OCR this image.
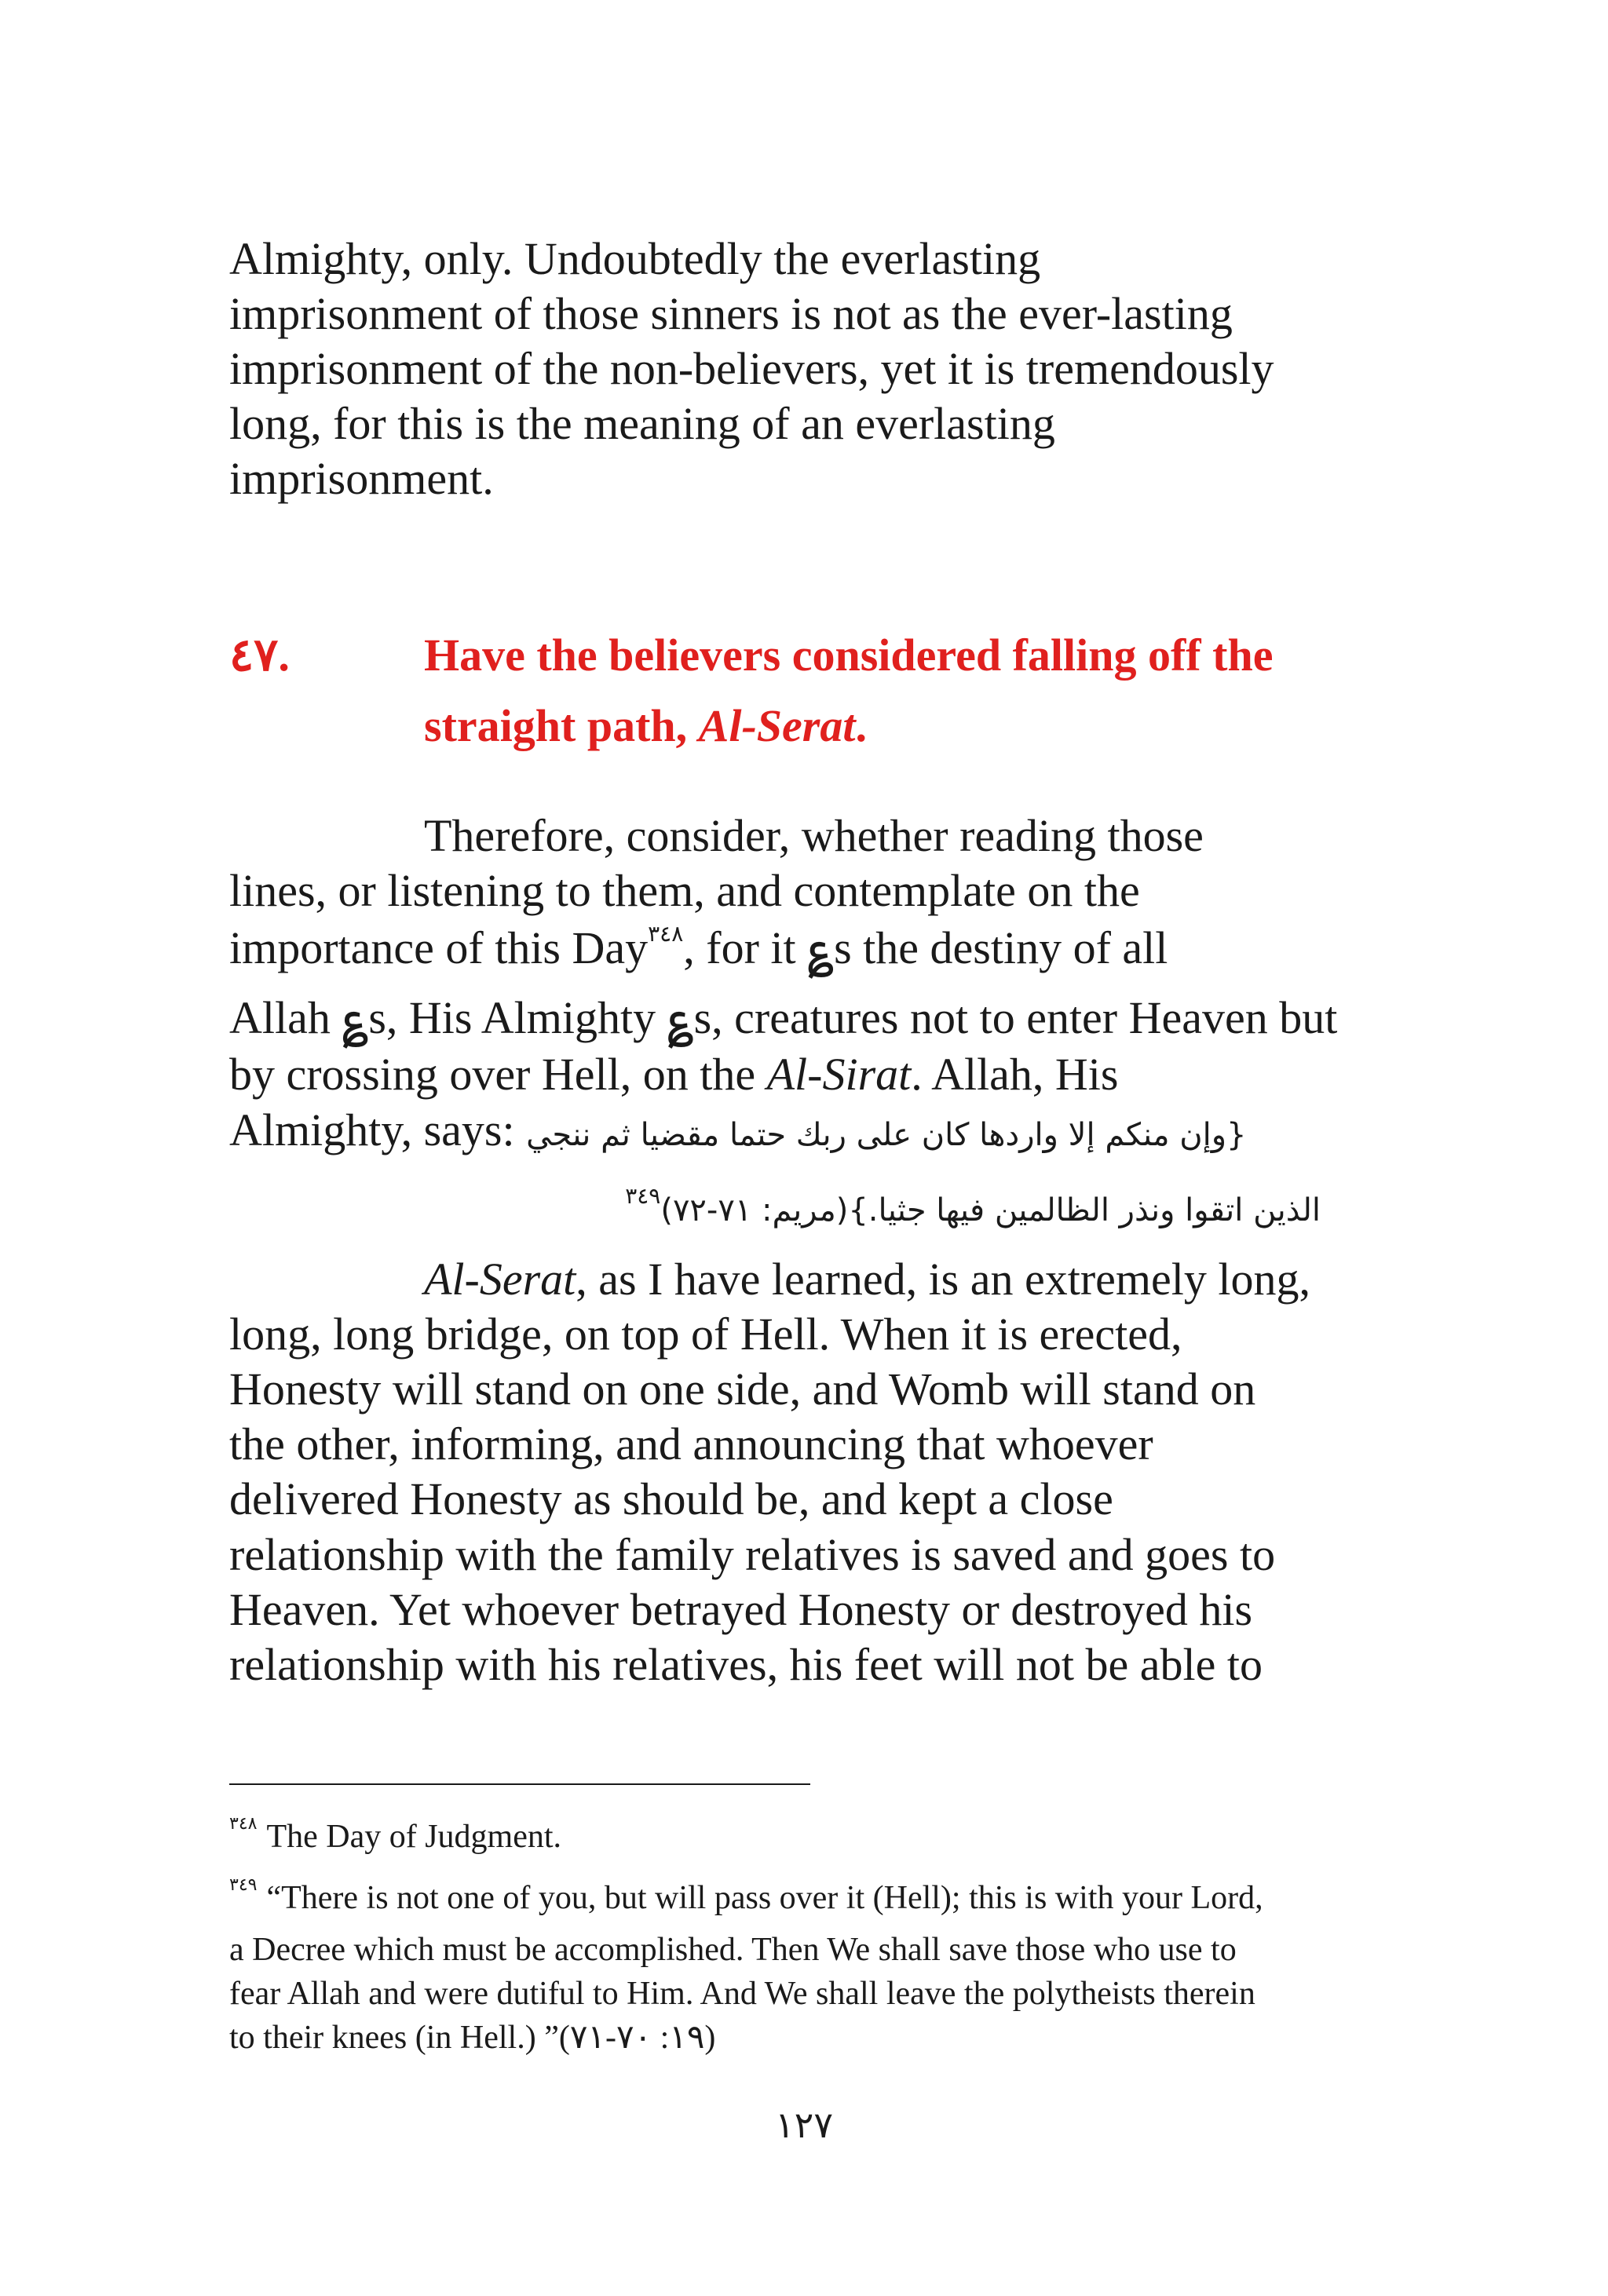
Almighty, only. Undoubtedly the everlasting
imprisonment of those sinners is not as the ever-lasting
imprisonment of the non-believers, yet it is tremendously
long, for this is the meaning of an everlasting
imprisonment.
٤٧.	Have the believers considered falling off the
straight path, Al-Serat.
Therefore, consider, whether reading those
lines, or listening to them, and contemplate on the
importance of this Day$^{٣٤٨}$, for it ؏s the destiny of all
Allah ؏s, His Almighty ؏s, creatures not to enter Heaven but
by crossing over Hell, on the Al-Sirat. Allah, His
Almighty, says: {وإن منكم إلا واردها كان على ربك حتما مقضيا ثم ننجي
الذين اتقوا ونذر الظالمين فيها جثيا.}(مريم: ٧١-٧٢)$^{٣٤٩}$
Al-Serat, as I have learned, is an extremely long,
long, long bridge, on top of Hell. When it is erected,
Honesty will stand on one side, and Womb will stand on
the other, informing, and announcing that whoever
delivered Honesty as should be, and kept a close
relationship with the family relatives is saved and goes to
Heaven. Yet whoever betrayed Honesty or destroyed his
relationship with his relatives, his feet will not be able to
$^{٣٤٨}$ The Day of Judgment.
$^{٣٤٩}$ “There is not one of you, but will pass over it (Hell); this is with your Lord,
a Decree which must be accomplished. Then We shall save those who use to
fear Allah and were dutiful to Him. And We shall leave the polytheists therein
to their knees (in Hell.) ”(١٩: ٧٠-٧١)
١٢٧
